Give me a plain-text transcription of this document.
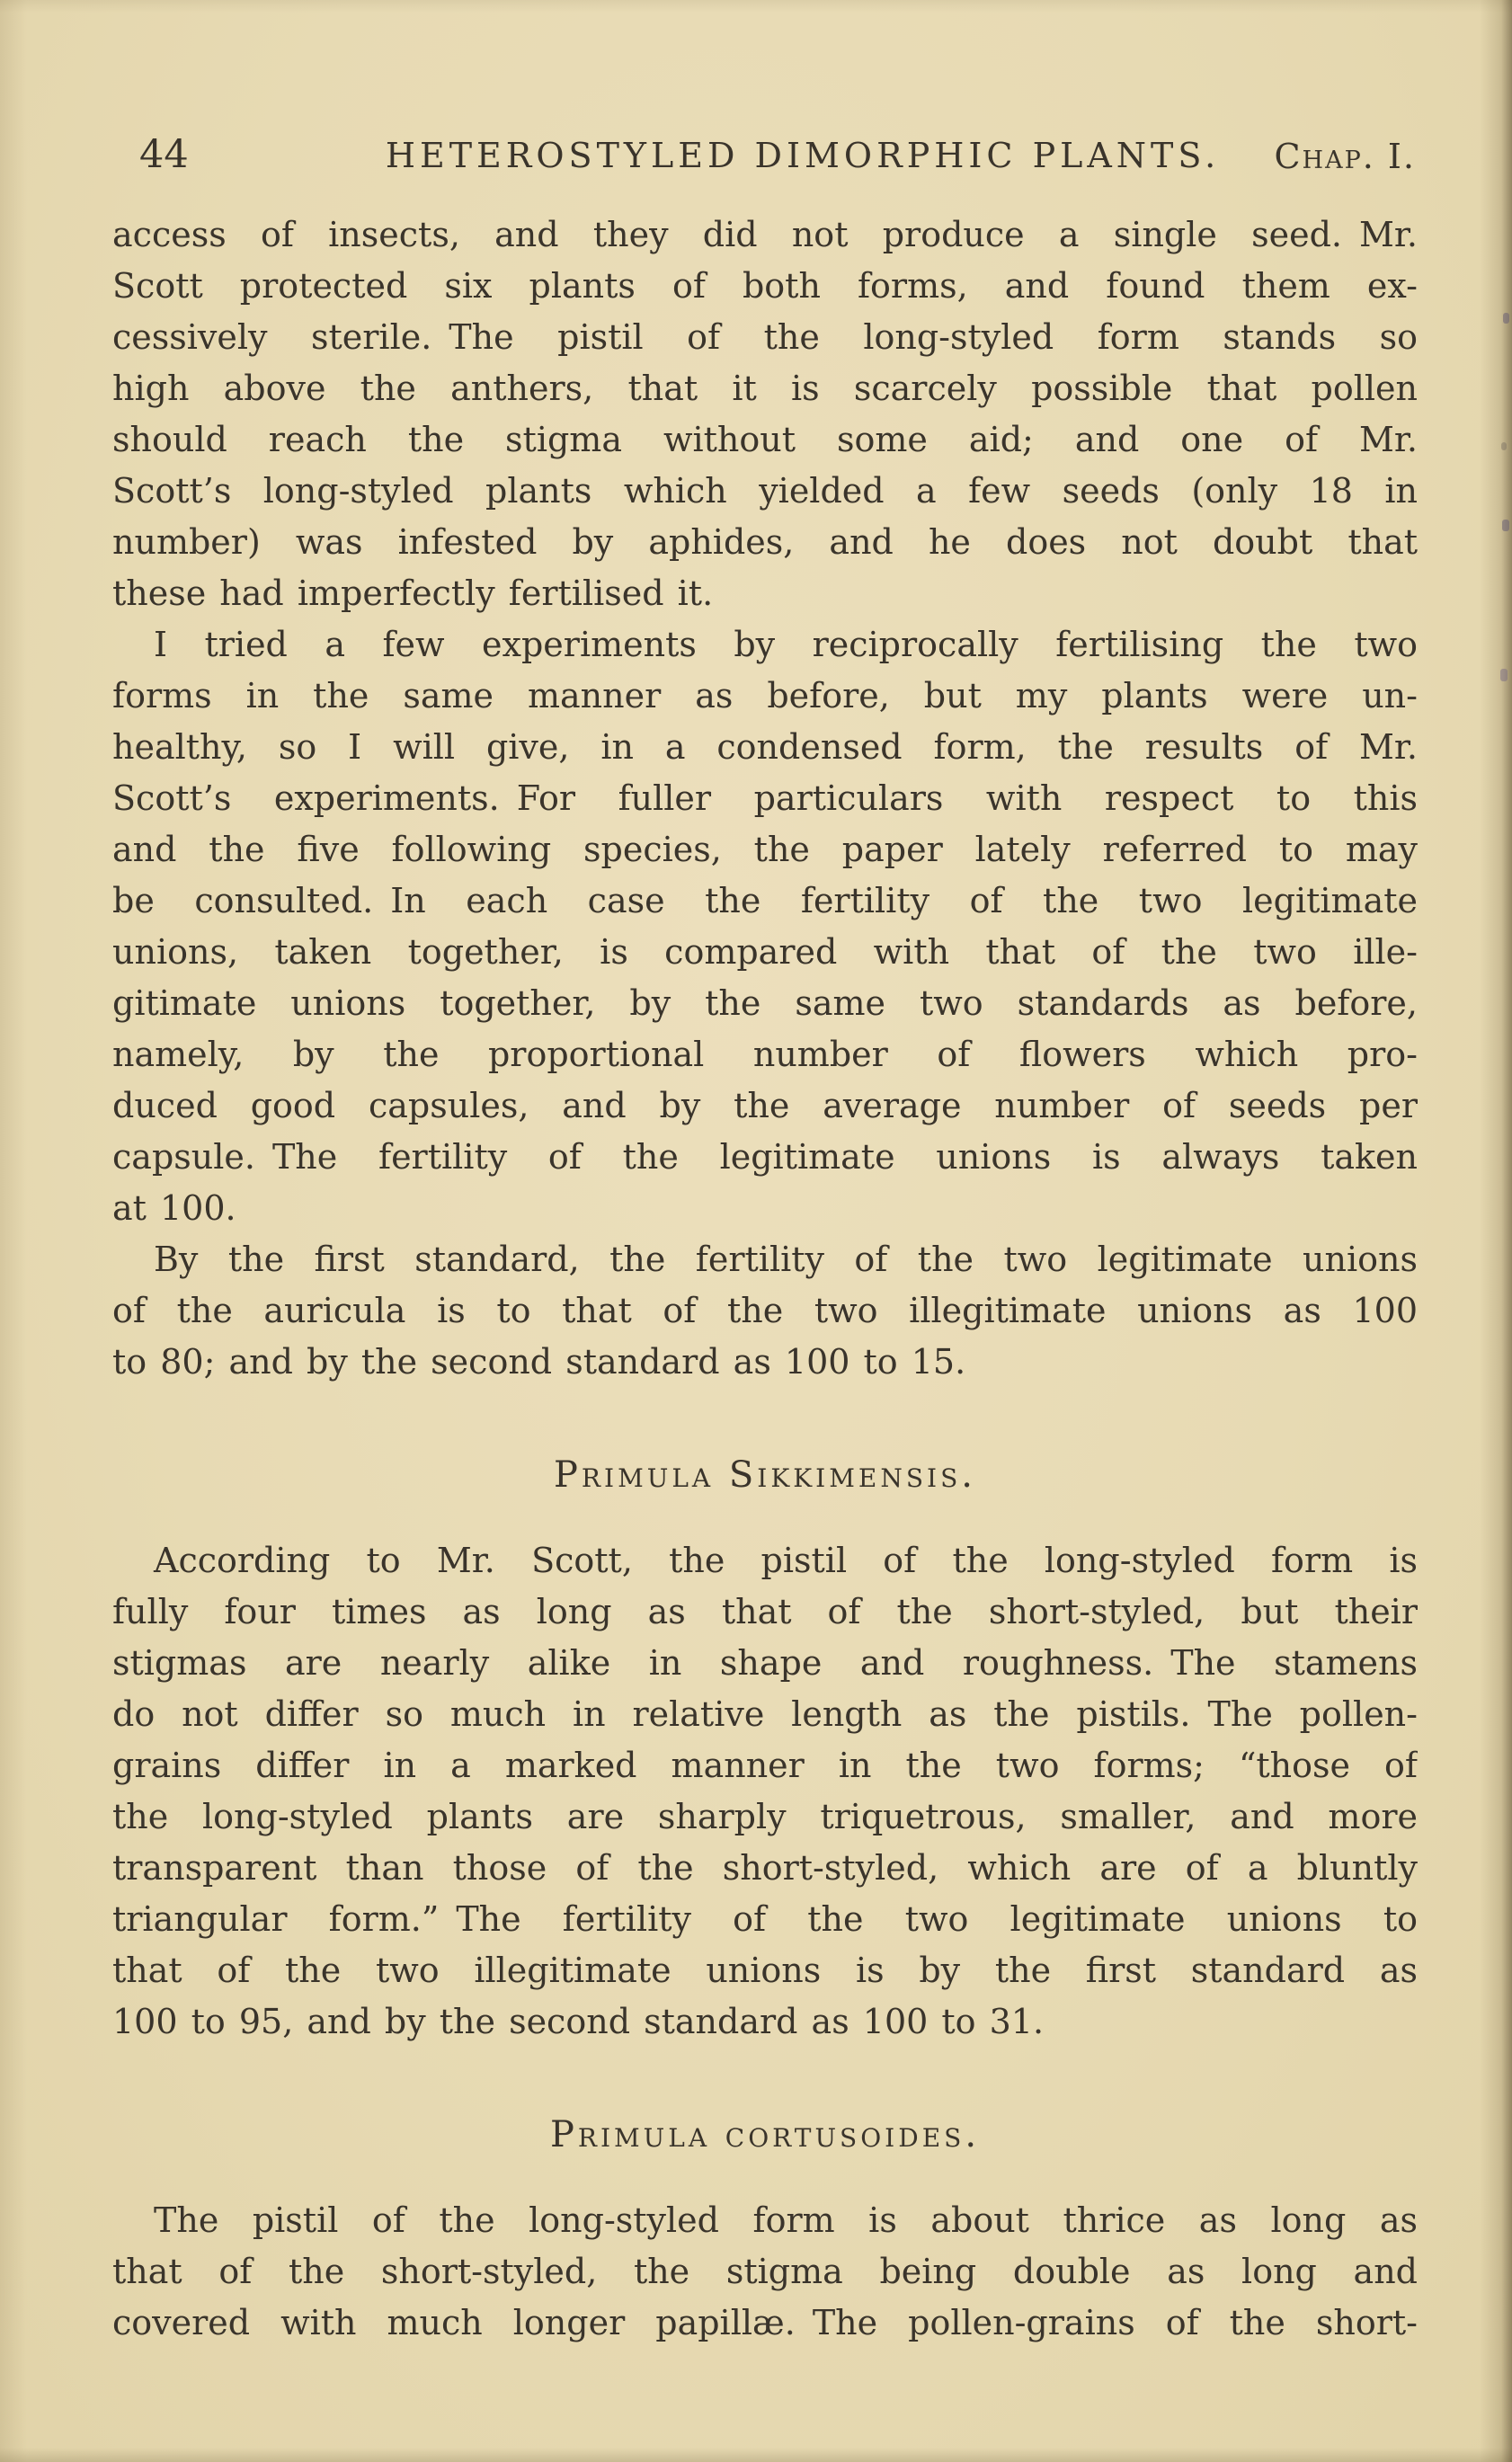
44	HETEROSTYLED DIMORPHIC PLANTS.	Chap. I.
access of insects, and they did not produce a single seed. Mr.
Scott protected six plants of both forms, and found them ex-
cessively sterile. The pistil of the long-styled form stands so
high above the anthers, that it is scarcely possible that pollen
should reach the stigma without some aid; and one of Mr.
Scott’s long-styled plants which yielded a few seeds (only 18 in
number) was infested by aphides, and he does not doubt that
these had imperfectly fertilised it.
I tried a few experiments by reciprocally fertilising the two
forms in the same manner as before, but my plants were un-
healthy, so I will give, in a condensed form, the results of Mr.
Scott’s experiments. For fuller particulars with respect to this
and the five following species, the paper lately referred to may
be consulted. In each case the fertility of the two legitimate
unions, taken together, is compared with that of the two ille-
gitimate unions together, by the same two standards as before,
namely, by the proportional number of flowers which pro-
duced good capsules, and by the average number of seeds per
capsule. The fertility of the legitimate unions is always taken
at 100.
By the first standard, the fertility of the two legitimate unions
of the auricula is to that of the two illegitimate unions as 100
to 80; and by the second standard as 100 to 15.
Primula Sikkimensis.
According to Mr. Scott, the pistil of the long-styled form is
fully four times as long as that of the short-styled, but their
stigmas are nearly alike in shape and roughness. The stamens
do not differ so much in relative length as the pistils. The pollen-
grains differ in a marked manner in the two forms; “those of
the long-styled plants are sharply triquetrous, smaller, and more
transparent than those of the short-styled, which are of a bluntly
triangular form.” The fertility of the two legitimate unions to
that of the two illegitimate unions is by the first standard as
100 to 95, and by the second standard as 100 to 31.
Primula cortusoides.
The pistil of the long-styled form is about thrice as long as
that of the short-styled, the stigma being double as long and
covered with much longer papillæ. The pollen-grains of the short-
